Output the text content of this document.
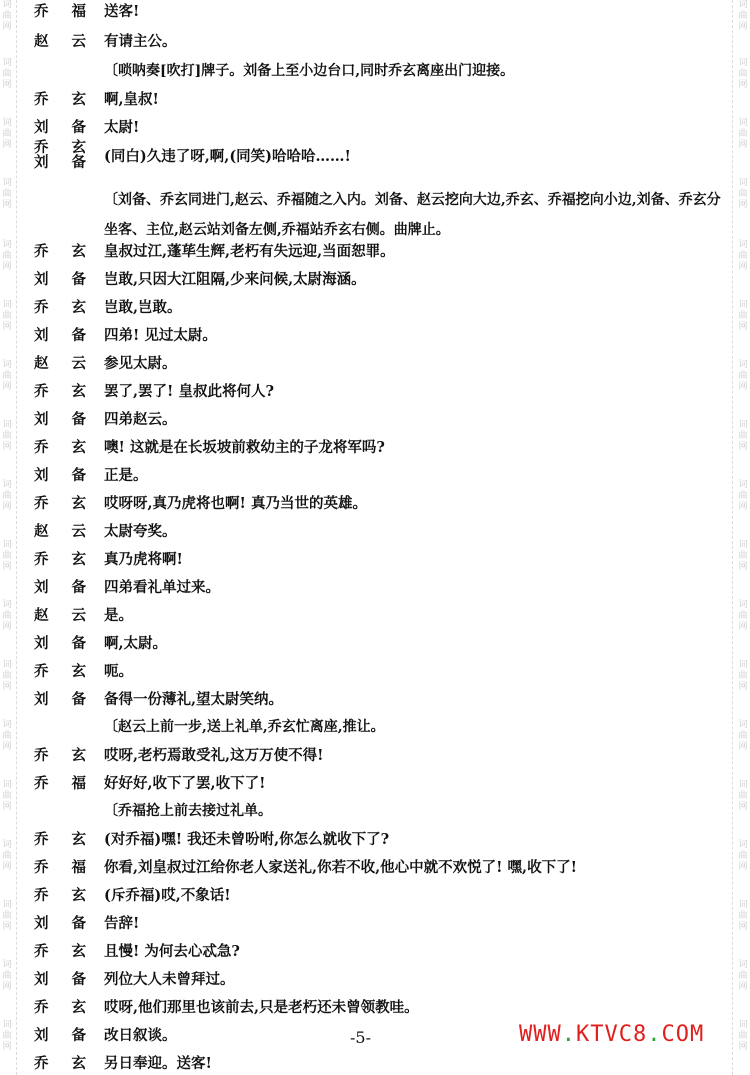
词
曲
网
词
曲
网
词
曲
网
词
曲
网
词
曲
网
词
曲
网
词
曲
网
词
曲
网
词
曲
网
词
曲
网
词
曲
网
词
曲
网
词
曲
网
词
曲
网
词
曲
网
词
曲
网
词
曲
网
词
曲
网
词
曲
网
词
曲
网
词
曲
网
词
曲
网
词
曲
网
词
曲
网
词
曲
网
词
曲
网
词
曲
网
词
曲
网
词
曲
网
词
曲
网
词
曲
网
词
曲
网
词
曲
网
词
曲
网
词
曲
网
词
曲
网
赵 云 有请主公。
〔唢呐奏[吹打]牌子。刘备上至小边台口,同时乔玄离座出门迎接。
乔 玄 啊,皇叔!
刘 备 太尉!
乔 玄
刘 备 (同白)久违了呀,啊,(同笑)哈哈哈……!
〔刘备、乔玄同进门,赵云、乔福随之入内。刘备、赵云挖向大边,乔玄、乔福挖向小边,刘备、乔玄分坐客、主位,赵云站刘备左侧,乔福站乔玄右侧。曲牌止。
乔 玄 皇叔过江,蓬荜生辉,老朽有失远迎,当面恕罪。
刘 备 岂敢,只因大江阻隔,少来问候,太尉海涵。
乔 玄 岂敢,岂敢。
刘 备 四弟! 见过太尉。
赵 云 参见太尉。
乔 玄 罢了,罢了! 皇叔此将何人?
刘 备 四弟赵云。
乔 玄 噢! 这就是在长坂坡前救幼主的子龙将军吗?
刘 备 正是。
乔 玄 哎呀呀,真乃虎将也啊! 真乃当世的英雄。
赵 云 太尉夸奖。
乔 玄 真乃虎将啊!
刘 备 四弟看礼单过来。
赵 云 是。
刘 备 啊,太尉。
乔 玄 呃。
刘 备 备得一份薄礼,望太尉笑纳。
〔赵云上前一步,送上礼单,乔玄忙离座,推让。
乔 玄 哎呀,老朽焉敢受礼,这万万使不得!
乔 福 好好好,收下了罢,收下了!
〔乔福抢上前去接过礼单。
乔 玄 (对乔福)嘿! 我还未曾吩咐,你怎么就收下了?
乔 福 你看,刘皇叔过江给你老人家送礼,你若不收,他心中就不欢悦了! 嘿,收下了!
乔 玄 (斥乔福)哎,不象话!
刘 备 告辞!
乔 玄 且慢! 为何去心忒急?
刘 备 列位大人未曾拜过。
乔 玄 哎呀,他们那里也该前去,只是老朽还未曾领教哇。
刘 备 改日叙谈。
乔 玄 另日奉迎。送客!
乔 福 送客!
-5-	WWW.KTVC8.COM
